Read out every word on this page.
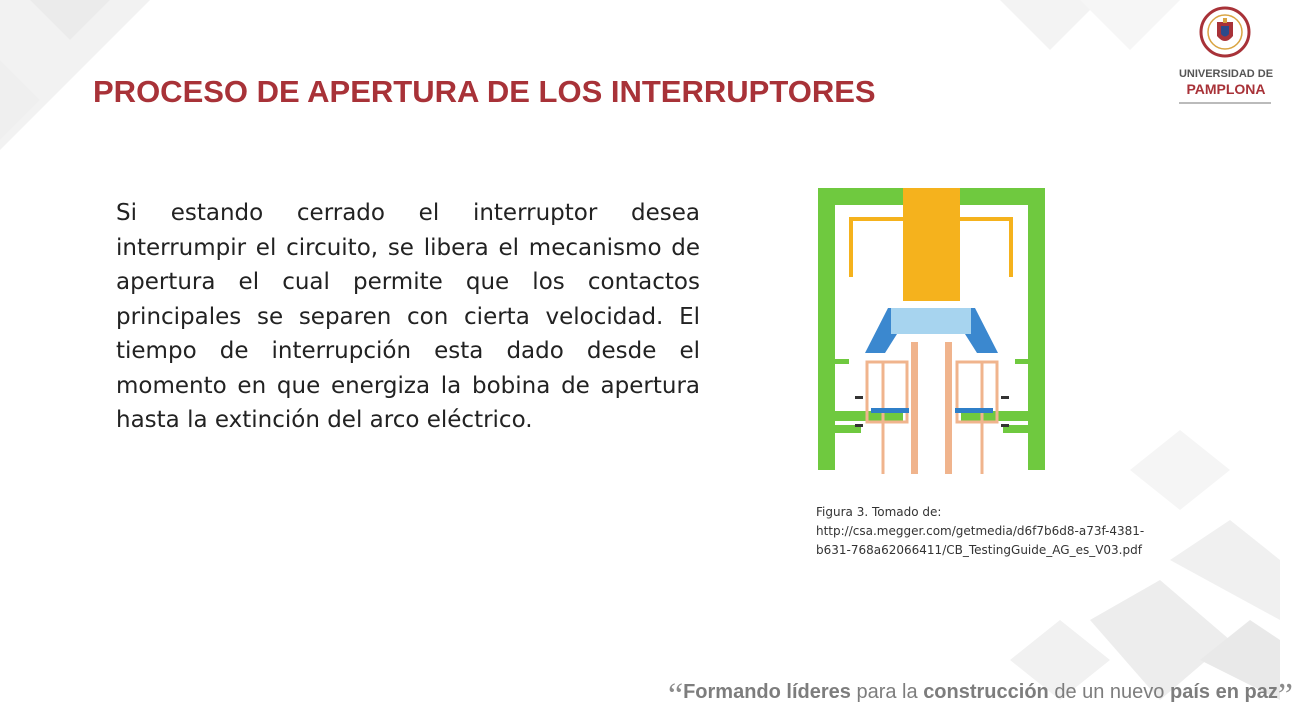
PROCESO DE APERTURA DE LOS INTERRUPTORES

Si estando cerrado el interruptor desea interrumpir el circuito, se libera el mecanismo de apertura el cual permite que los contactos principales se separen con cierta velocidad. El tiempo de interrupción esta dado desde el momento en que energiza la bobina de apertura hasta la extinción del arco eléctrico.

Figura 3. Tomado de:
http://csa.megger.com/getmedia/d6f7b6d8-a73f-4381-
b631-768a62066411/CB_TestingGuide_AG_es_V03.pdf
UNIVERSIDAD DE
PAMPLONA
“Formando líderes para la construcción de un nuevo país en paz”
